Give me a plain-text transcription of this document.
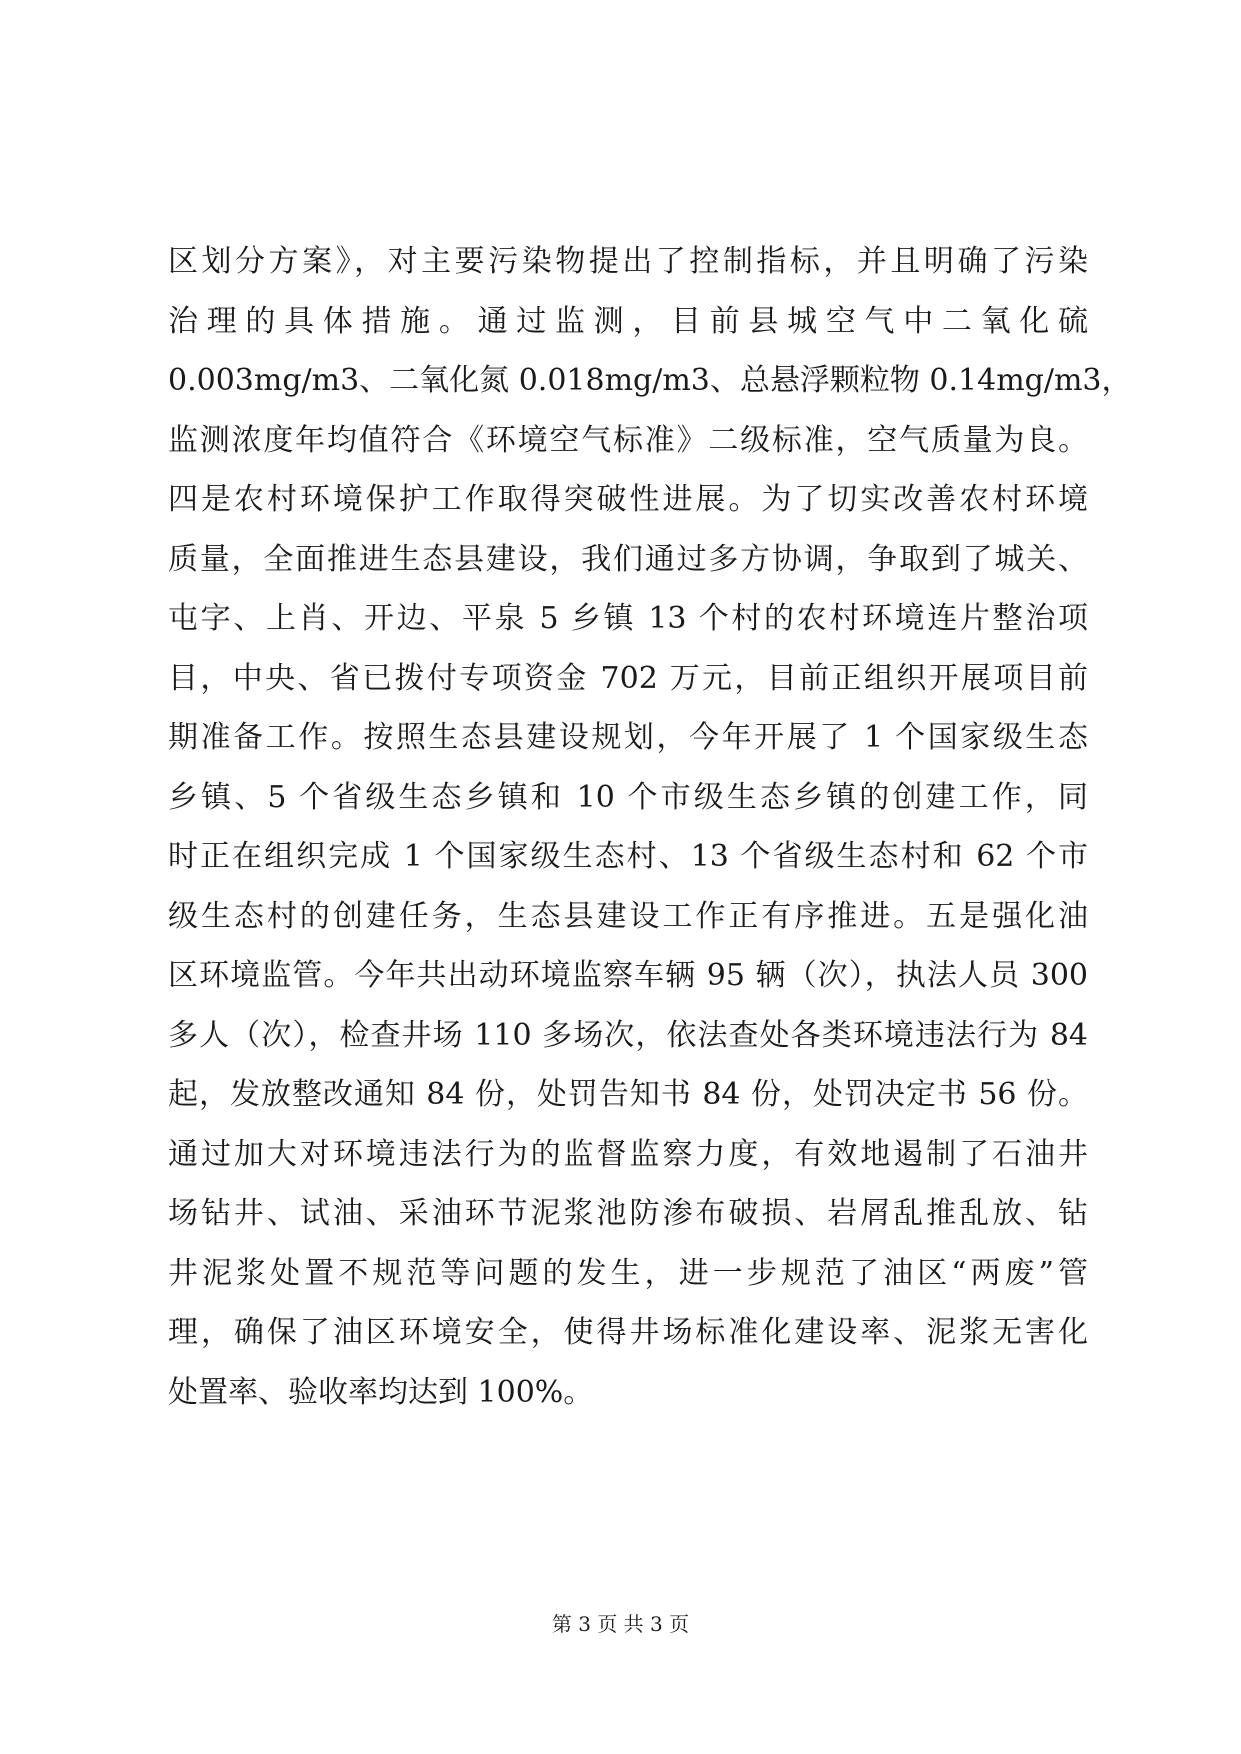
区划分方案》，对主要污染物提出了控制指标，并且明确了污染
治理的具体措施。通过监测，目前县城空气中二氧化硫
0.003mg/m3、二氧化氮 0.018mg/m3、总悬浮颗粒物 0.14mg/m3，
监测浓度年均值符合《环境空气标准》二级标准，空气质量为良。
四是农村环境保护工作取得突破性进展。为了切实改善农村环境
质量，全面推进生态县建设，我们通过多方协调，争取到了城关、
屯字、上肖、开边、平泉 5 乡镇 13 个村的农村环境连片整治项
目，中央、省已拨付专项资金 702 万元，目前正组织开展项目前
期准备工作。按照生态县建设规划，今年开展了 1 个国家级生态
乡镇、5 个省级生态乡镇和 10 个市级生态乡镇的创建工作，同
时正在组织完成 1 个国家级生态村、13 个省级生态村和 62 个市
级生态村的创建任务，生态县建设工作正有序推进。五是强化油
区环境监管。今年共出动环境监察车辆 95 辆（次），执法人员 300
多人（次），检查井场 110 多场次，依法查处各类环境违法行为 84
起，发放整改通知 84 份，处罚告知书 84 份，处罚决定书 56 份。
通过加大对环境违法行为的监督监察力度，有效地遏制了石油井
场钻井、试油、采油环节泥浆池防渗布破损、岩屑乱推乱放、钻
井泥浆处置不规范等问题的发生，进一步规范了油区“两废”管
理，确保了油区环境安全，使得井场标准化建设率、泥浆无害化
处置率、验收率均达到 100%。
第 3 页 共 3 页
